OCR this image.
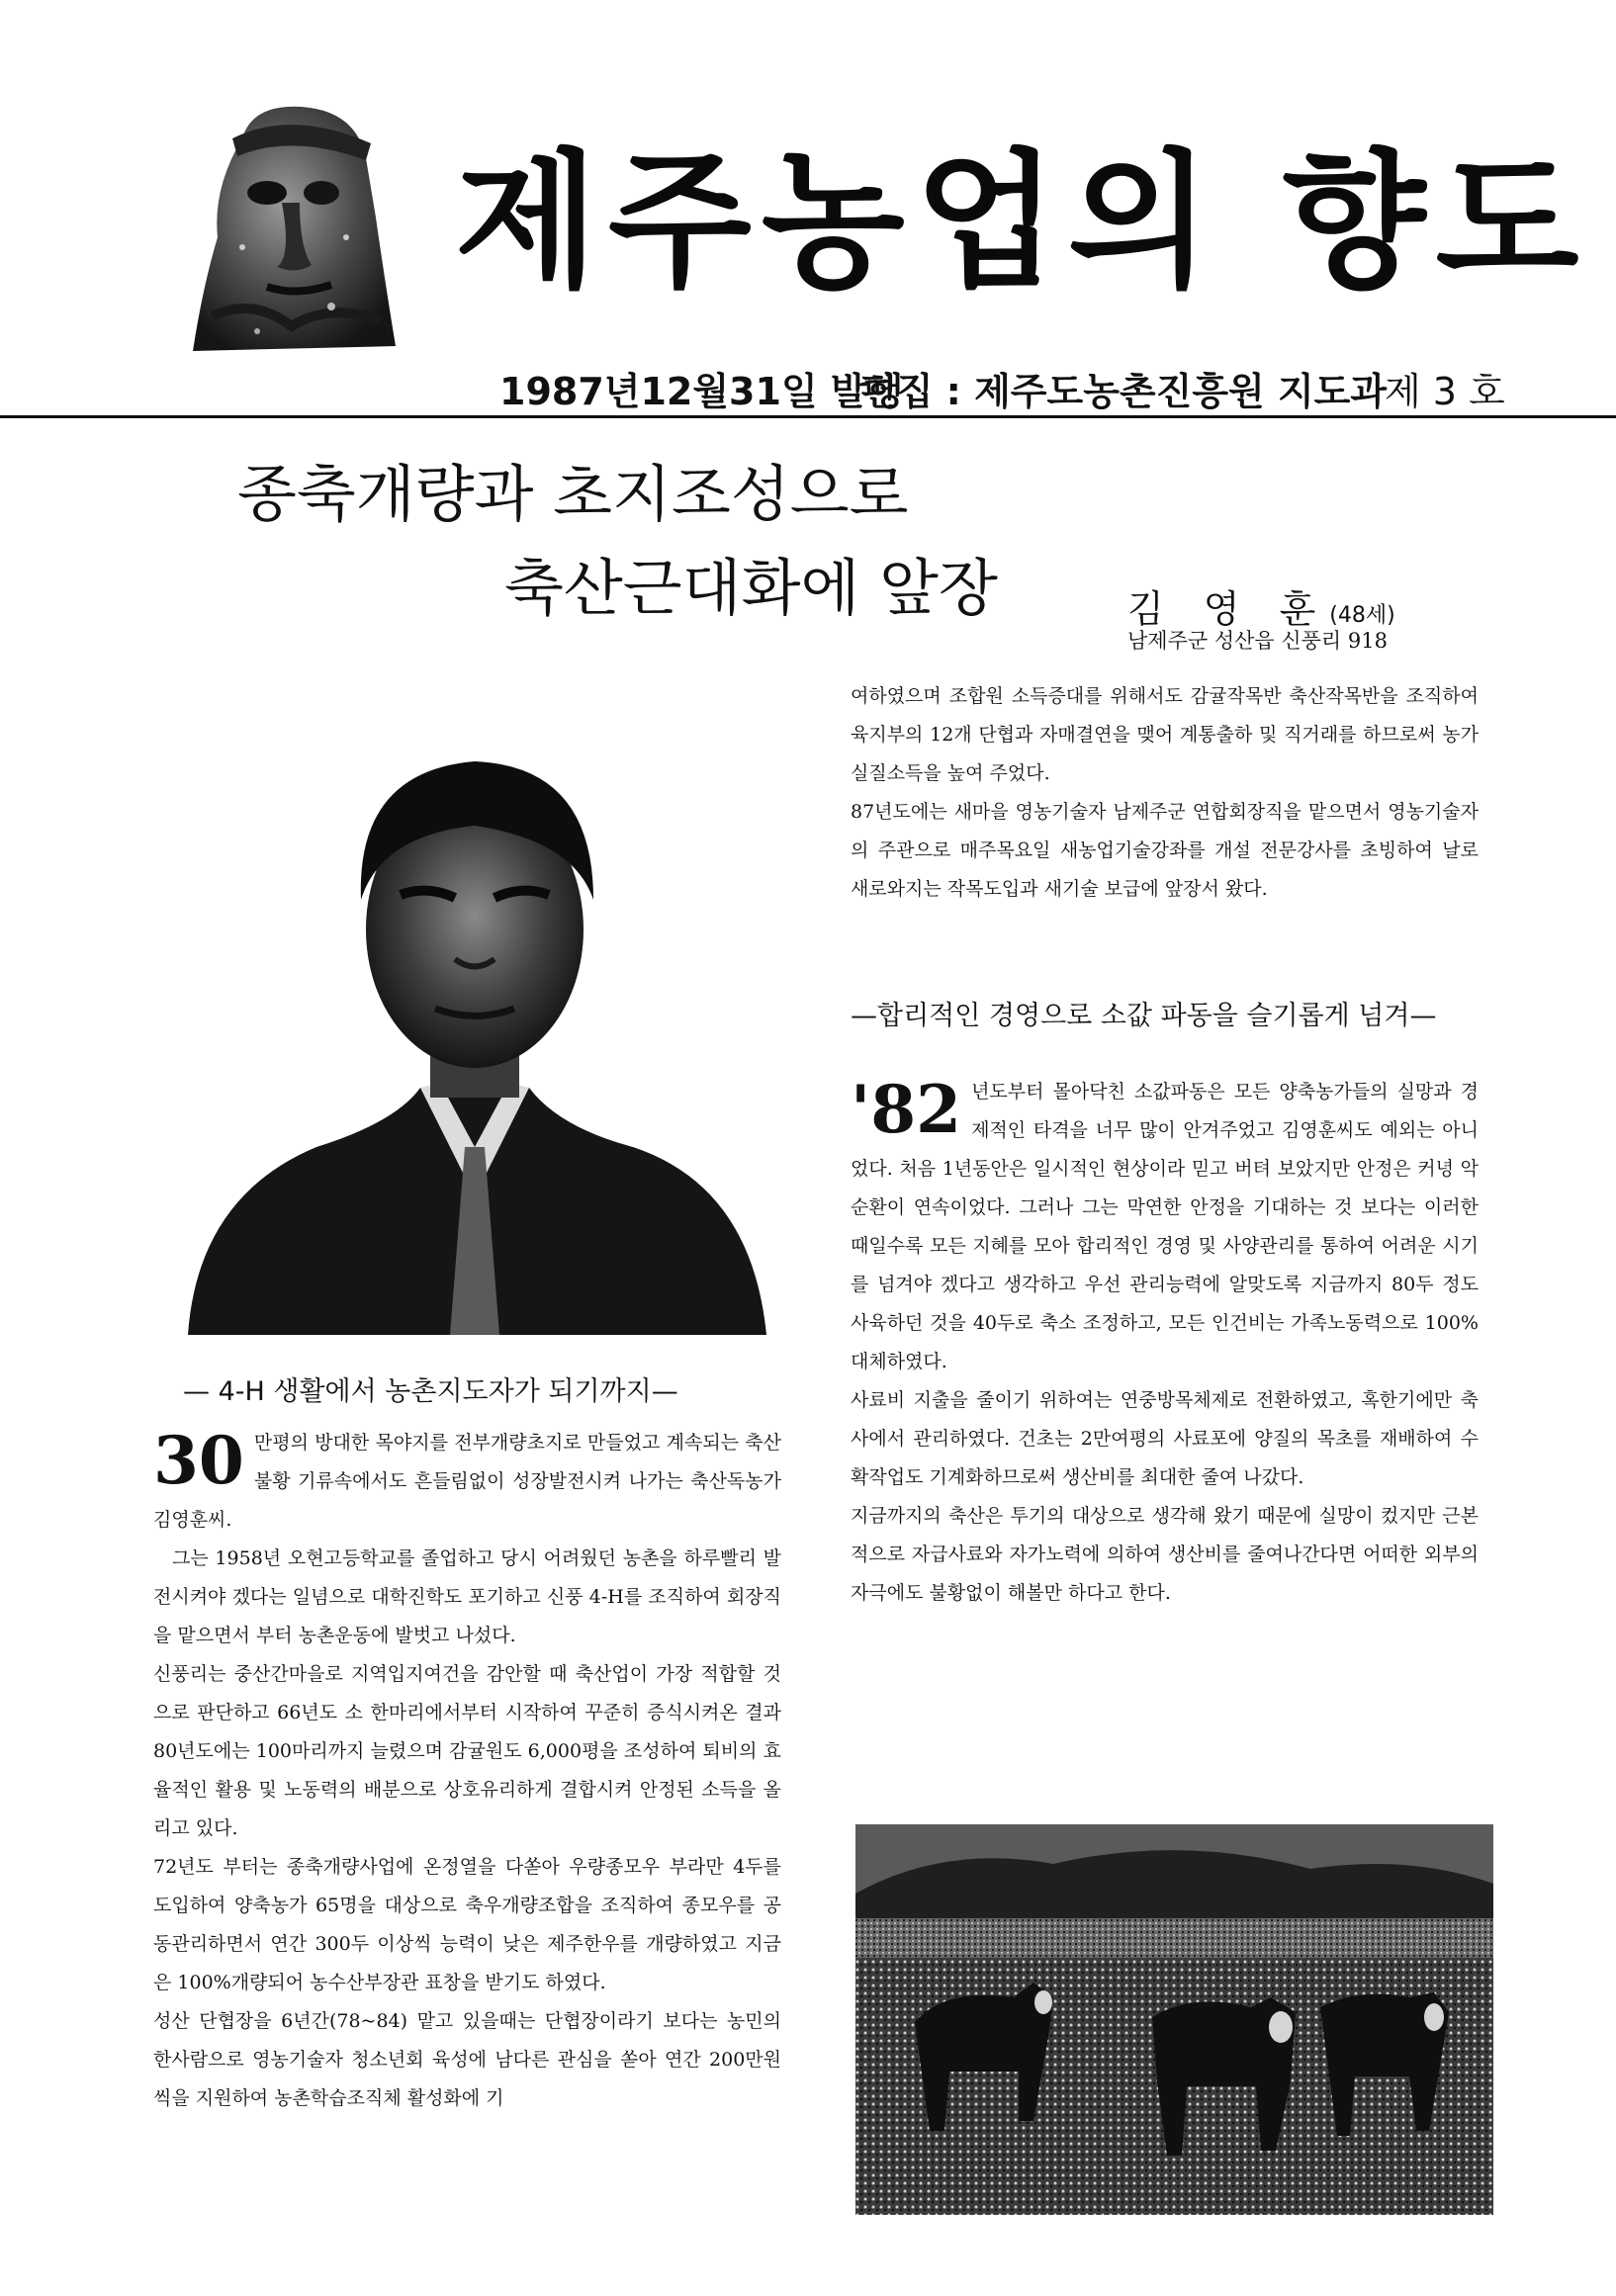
제주농업의 향도
1987년12월31일 발행
편집 : 제주도농촌진흥원 지도과
제 3 호
종축개량과 초지조성으로
축산근대화에 앞장	김 영 훈(48세)
남제주군 성산읍 신풍리 918
— 4-H 생활에서 농촌지도자가 되기까지—

30 만평의 방대한 목야지를 전부개량초지로 만들었고 계속되는 축산불황 기류속에서도 흔들림없이 성장발전시켜 나가는 축산독농가 김영훈씨.

그는 1958년 오현고등학교를 졸업하고 당시 어려웠던 농촌을 하루빨리 발전시켜야 겠다는 일념으로 대학진학도 포기하고 신풍 4-H를 조직하여 회장직을 맡으면서 부터 농촌운동에 발벗고 나섰다.

신풍리는 중산간마을로 지역입지여건을 감안할 때 축산업이 가장 적합할 것으로 판단하고 66년도 소 한마리에서부터 시작하여 꾸준히 증식시켜온 결과 80년도에는 100마리까지 늘렸으며 감귤원도 6,000평을 조성하여 퇴비의 효율적인 활용 및 노동력의 배분으로 상호유리하게 결합시켜 안정된 소득을 올리고 있다.

72년도 부터는 종축개량사업에 온정열을 다쏟아 우량종모우 부라만 4두를 도입하여 양축농가 65명을 대상으로 축우개량조합을 조직하여 종모우를 공동관리하면서 연간 300두 이상씩 능력이 낮은 제주한우를 개량하였고 지금은 100%개량되어 농수산부장관 표창을 받기도 하였다.

성산 단협장을 6년간(78~84) 맡고 있을때는 단협장이라기 보다는 농민의 한사람으로 영농기술자 청소년회 육성에 남다른 관심을 쏟아 연간 200만원씩을 지원하여 농촌학습조직체 활성화에 기

여하였으며 조합원 소득증대를 위해서도 감귤작목반 축산작목반을 조직하여 육지부의 12개 단협과 자매결연을 맺어 계통출하 및 직거래를 하므로써 농가 실질소득을 높여 주었다.

87년도에는 새마을 영농기술자 남제주군 연합회장직을 맡으면서 영농기술자의 주관으로 매주목요일 새농업기술강좌를 개설 전문강사를 초빙하여 날로 새로와지는 작목도입과 새기술 보급에 앞장서 왔다.

—합리적인 경영으로 소값 파동을 슬기롭게 넘겨—

'82 년도부터 몰아닥친 소값파동은 모든 양축농가들의 실망과 경제적인 타격을 너무 많이 안겨주었고 김영훈씨도 예외는 아니었다. 처음 1년동안은 일시적인 현상이라 믿고 버텨 보았지만 안정은 커녕 악순환이 연속이었다. 그러나 그는 막연한 안정을 기대하는 것 보다는 이러한 때일수록 모든 지혜를 모아 합리적인 경영 및 사양관리를 통하여 어려운 시기를 넘겨야 겠다고 생각하고 우선 관리능력에 알맞도록 지금까지 80두 정도 사육하던 것을 40두로 축소 조정하고, 모든 인건비는 가족노동력으로 100% 대체하였다.

사료비 지출을 줄이기 위하여는 연중방목체제로 전환하였고, 혹한기에만 축사에서 관리하였다. 건초는 2만여평의 사료포에 양질의 목초를 재배하여 수확작업도 기계화하므로써 생산비를 최대한 줄여 나갔다.

지금까지의 축산은 투기의 대상으로 생각해 왔기 때문에 실망이 컸지만 근본적으로 자급사료와 자가노력에 의하여 생산비를 줄여나간다면 어떠한 외부의 자극에도 불황없이 해볼만 하다고 한다.
